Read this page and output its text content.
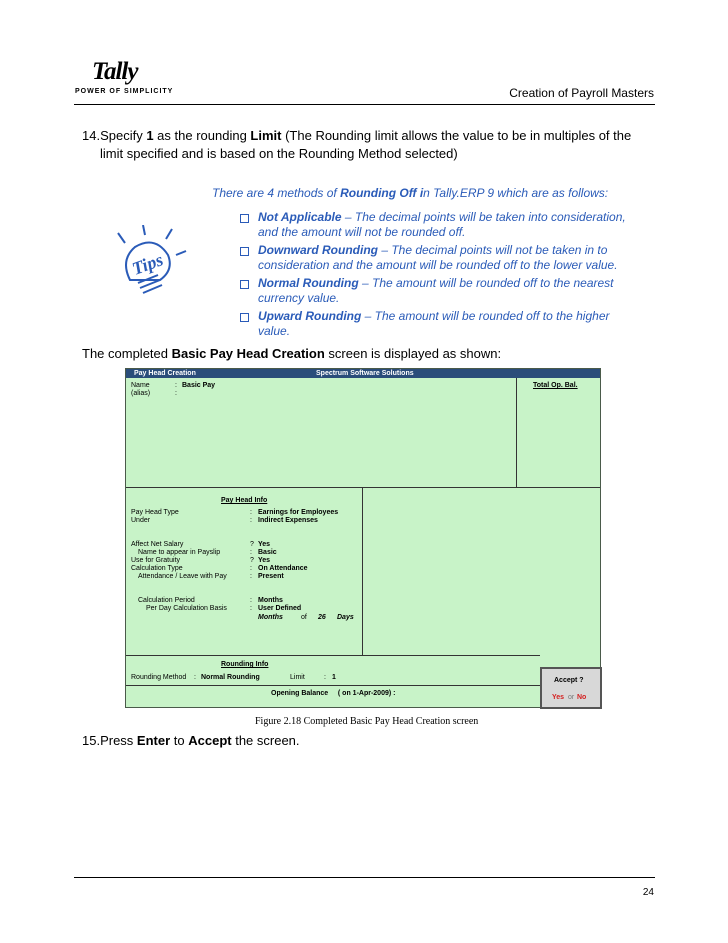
Tally
POWER OF SIMPLICITY	Creation of Payroll Masters
14.Specify 1 as the rounding Limit (The Rounding limit allows the value to be in multiples of the
limit specified and is based on the Rounding Method selected)
There are 4 methods of Rounding Off in Tally.ERP 9 which are as follows:
Tips
Not Applicable – The decimal points will be taken into consideration, and the amount will not be rounded off.
Downward Rounding – The decimal points will not be taken in to consideration and the amount will be rounded off to the lower value.
Normal Rounding – The amount will be rounded off to the nearest currency value.
Upward Rounding – The amount will be rounded off to the higher value.
The completed Basic Pay Head Creation screen is displayed as shown:
Pay Head Creation	Spectrum Software Solutions
Name	: Basic Pay
(alias)	:
Total Op. Bal.
Pay Head Info
Pay Head Type	: Earnings for Employees
Under	: Indirect Expenses
Affect Net Salary	? Yes
Name to appear in Payslip	: Basic
Use for Gratuity	? Yes
Calculation Type	: On Attendance
Attendance / Leave with Pay	: Present
Calculation Period	: Months
Per Day Calculation Basis	: User Defined
Months	of 26 Days
Rounding Info
Rounding Method : Normal Rounding	Limit	: 1
Opening Balance     ( on 1-Apr-2009) :
Accept ?
Yes or No
Figure 2.18 Completed Basic Pay Head Creation screen
15.Press Enter to Accept the screen.
24
